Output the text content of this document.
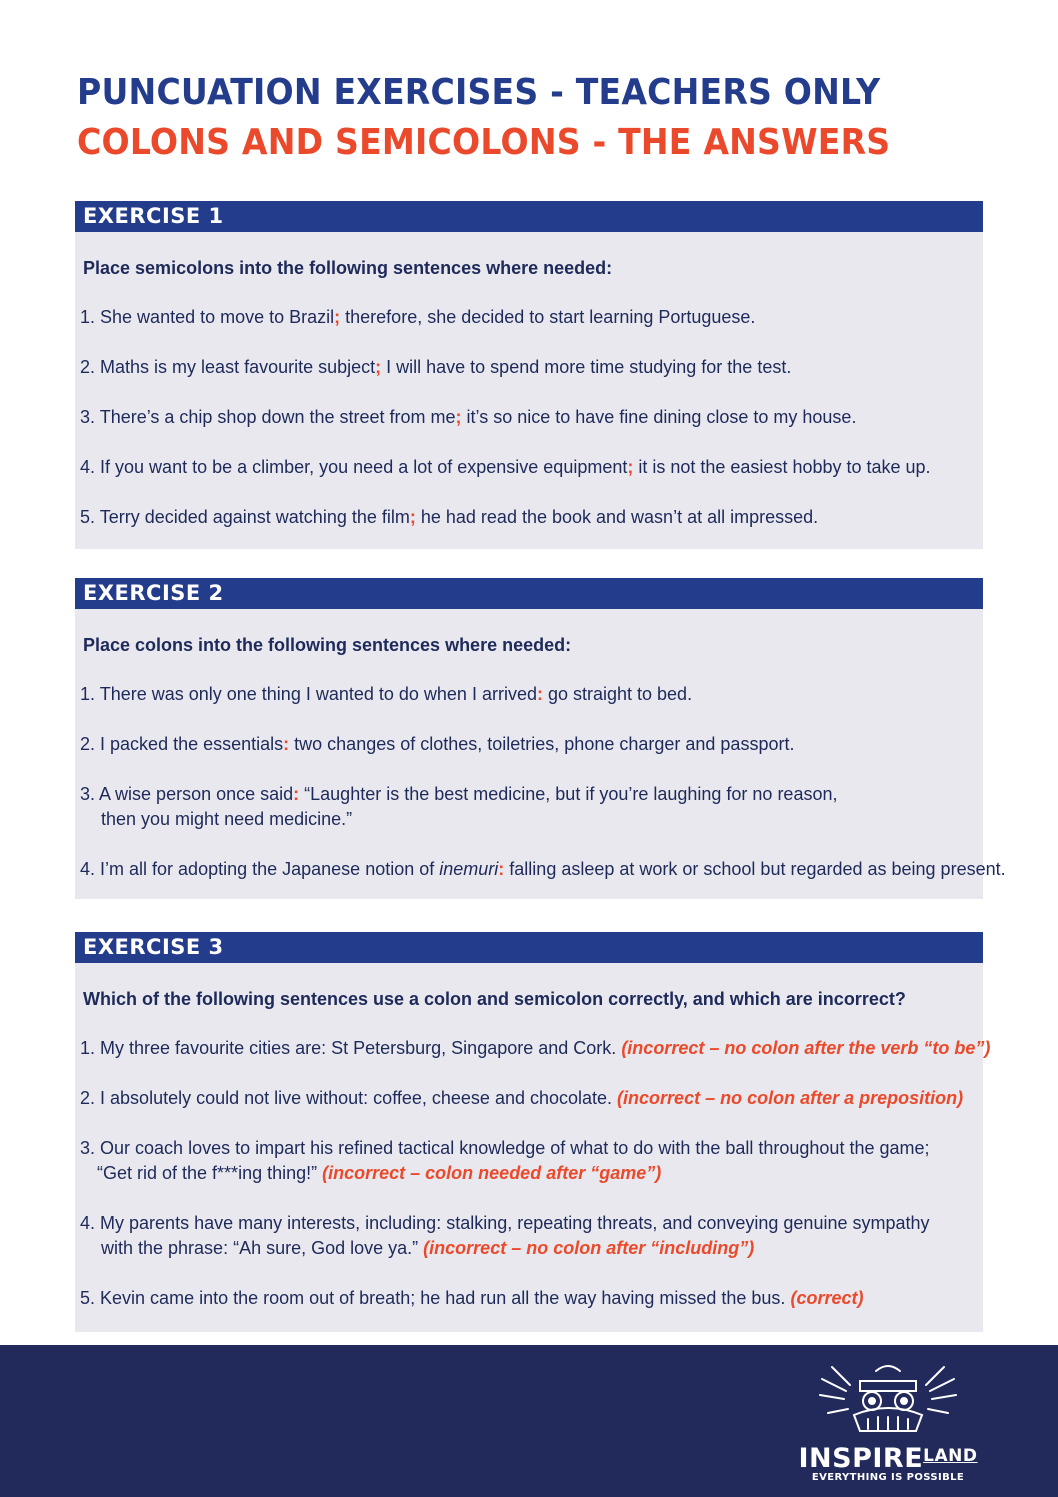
PUNCUATION EXERCISES - TEACHERS ONLY
COLONS AND SEMICOLONS - THE ANSWERS
EXERCISE 1
Place semicolons into the following sentences where needed:
1. She wanted to move to Brazil; therefore, she decided to start learning Portuguese.
2. Maths is my least favourite subject; I will have to spend more time studying for the test.
3. There’s a chip shop down the street from me; it’s so nice to have fine dining close to my house.
4. If you want to be a climber, you need a lot of expensive equipment; it is not the easiest hobby to take up.
5. Terry decided against watching the film; he had read the book and wasn’t at all impressed.
EXERCISE 2
Place colons into the following sentences where needed:
1. There was only one thing I wanted to do when I arrived: go straight to bed.
2. I packed the essentials: two changes of clothes, toiletries, phone charger and passport.
3. A wise person once said: “Laughter is the best medicine, but if you’re laughing for no reason,
then you might need medicine.”
4. I’m all for adopting the Japanese notion of inemuri: falling asleep at work or school but regarded as being present.
EXERCISE 3
Which of the following sentences use a colon and semicolon correctly, and which are incorrect?
1. My three favourite cities are: St Petersburg, Singapore and Cork. (incorrect – no colon after the verb “to be”)
2. I absolutely could not live without: coffee, cheese and chocolate. (incorrect – no colon after a preposition)
3. Our coach loves to impart his refined tactical knowledge of what to do with the ball throughout the game;
“Get rid of the f***ing thing!” (incorrect – colon needed after “game”)
4. My parents have many interests, including: stalking, repeating threats, and conveying genuine sympathy
with the phrase: “Ah sure, God love ya.” (incorrect – no colon after “including”)
5. Kevin came into the room out of breath; he had run all the way having missed the bus. (correct)
$INSPIRE^{LAND}$
EVERYTHING IS POSSIBLE
